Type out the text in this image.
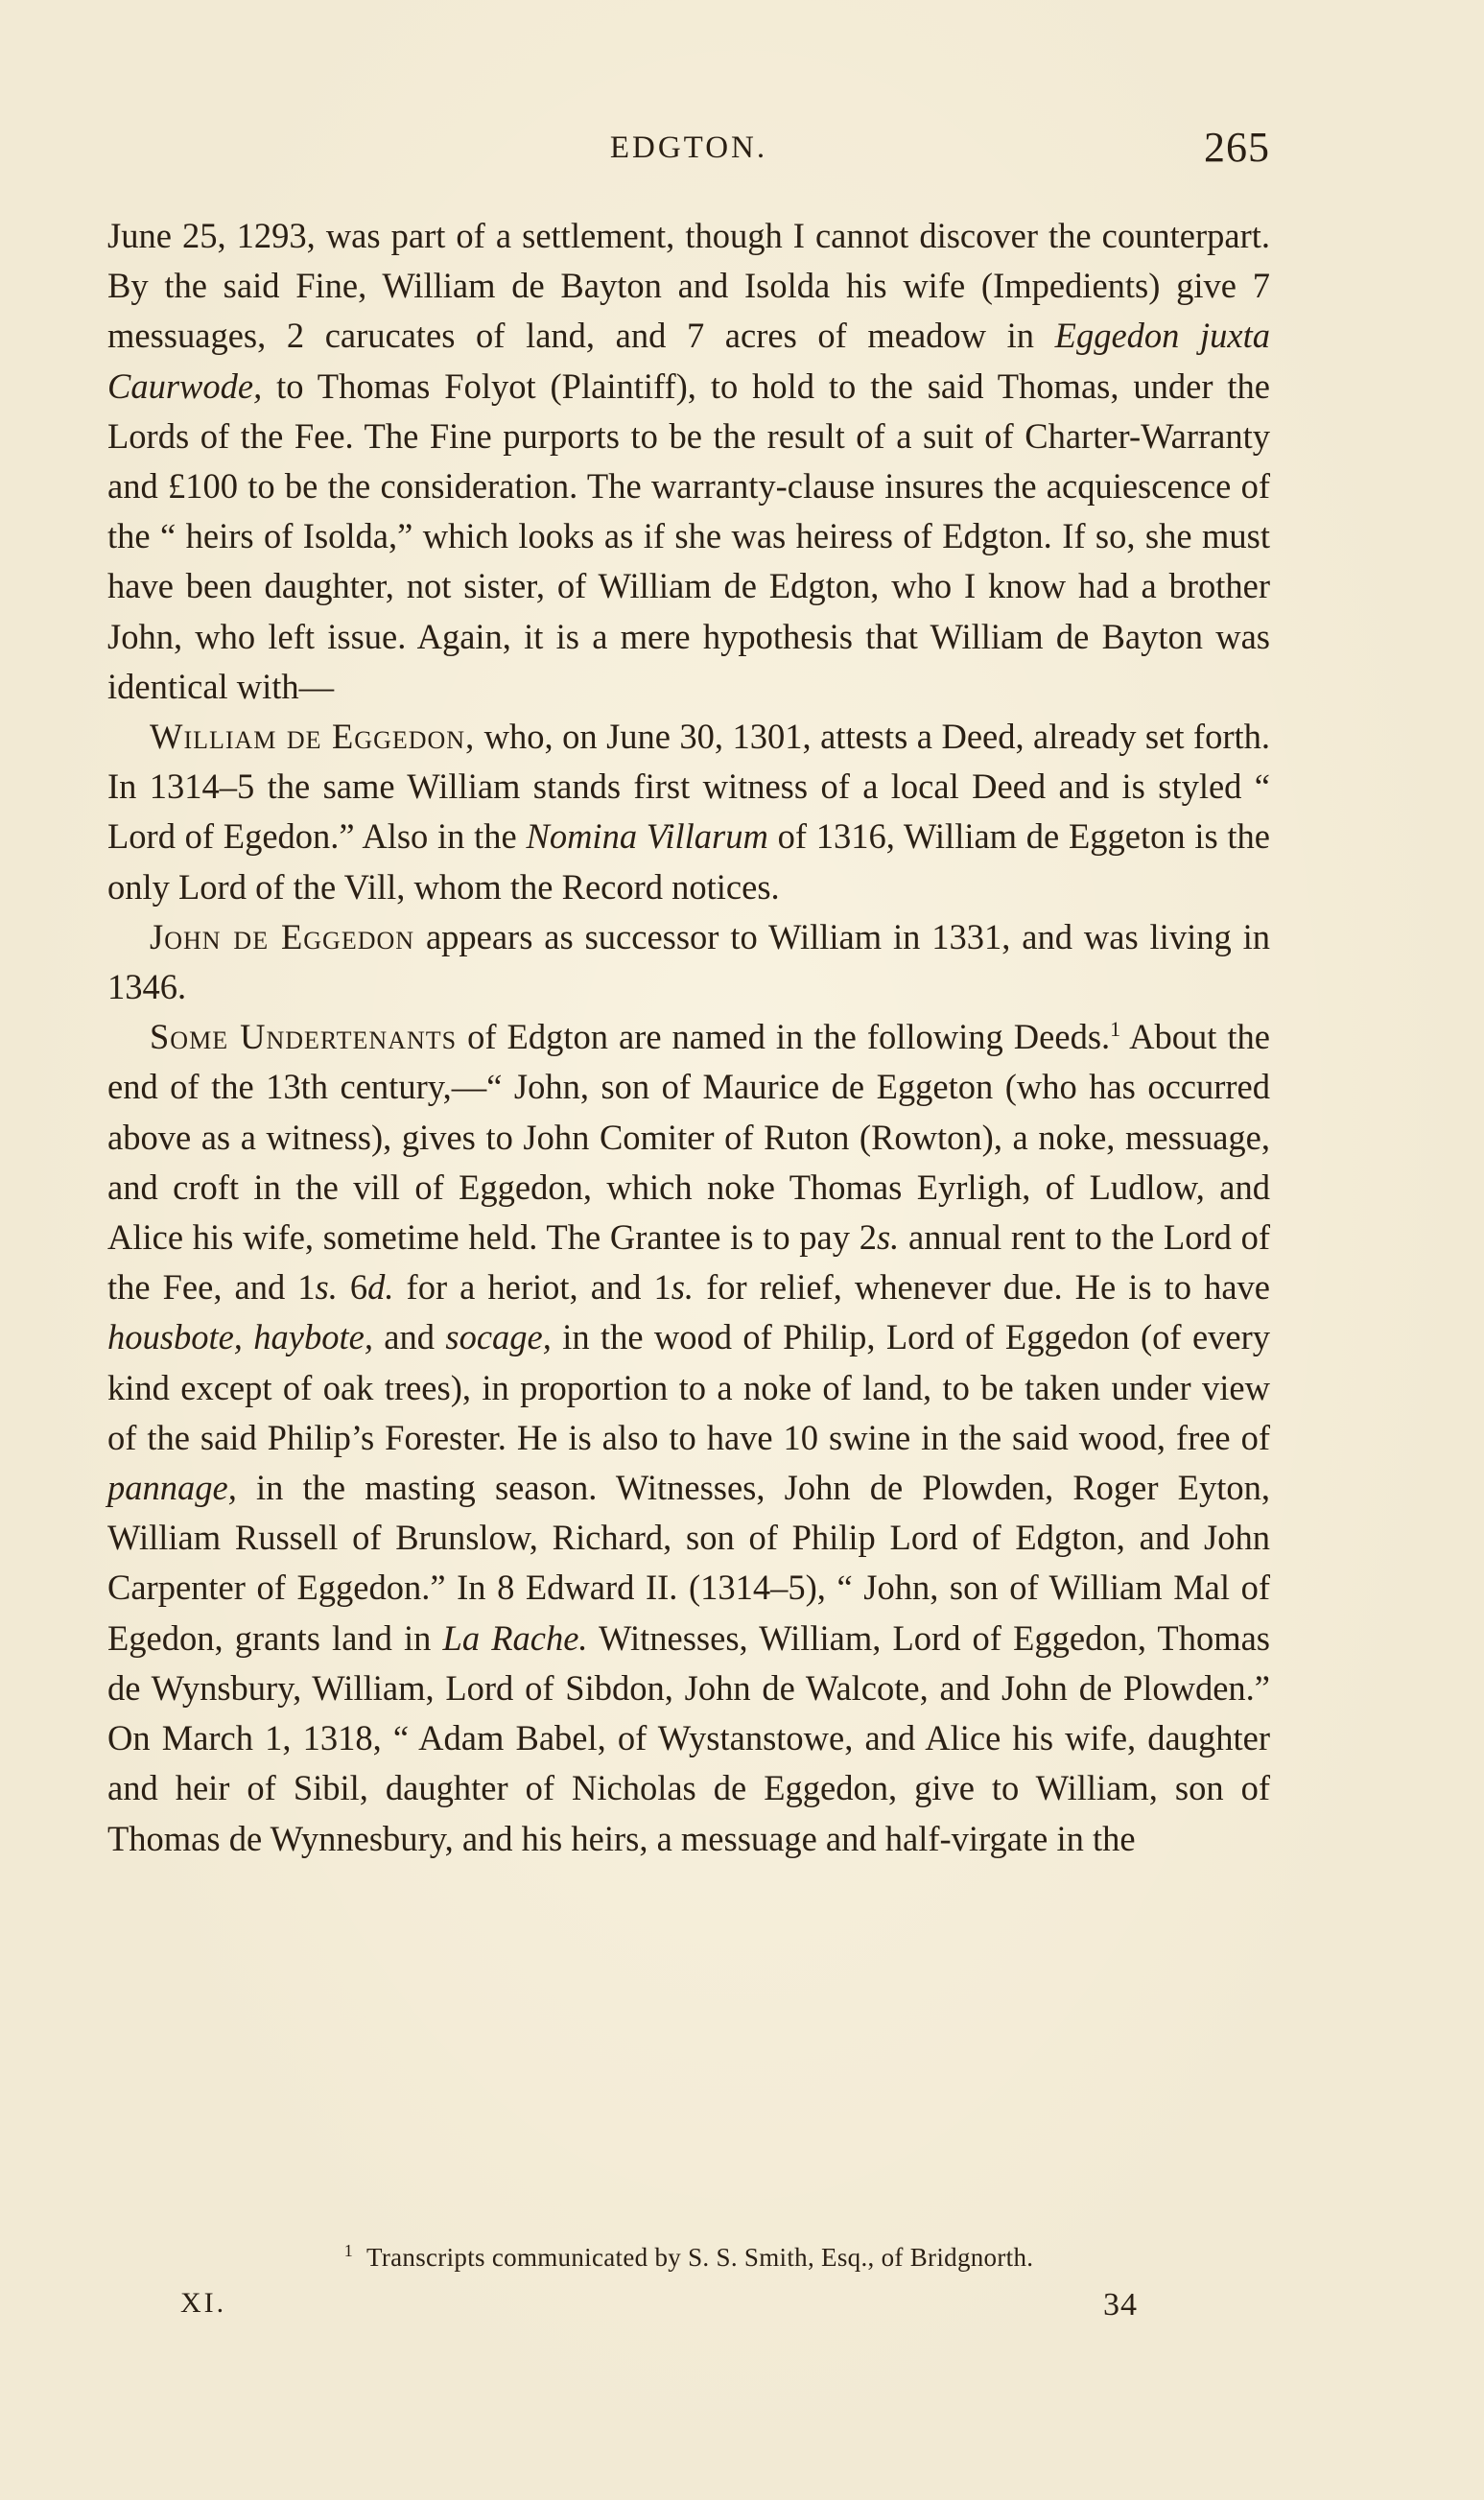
EDGTON.	265

June 25, 1293, was part of a settlement, though I cannot discover the counterpart. By the said Fine, William de Bayton and Isolda his wife (Impedients) give 7 messuages, 2 carucates of land, and 7 acres of meadow in Eggedon juxta Caurwode, to Thomas Folyot (Plaintiff), to hold to the said Thomas, under the Lords of the Fee. The Fine purports to be the result of a suit of Charter-Warranty and £100 to be the consideration. The warranty-clause insures the acquiescence of the “ heirs of Isolda,” which looks as if she was heiress of Edgton. If so, she must have been daughter, not sister, of William de Edgton, who I know had a brother John, who left issue. Again, it is a mere hypothesis that William de Bayton was identical with—

William de Eggedon, who, on June 30, 1301, attests a Deed, already set forth. In 1314–5 the same William stands first witness of a local Deed and is styled “ Lord of Egedon.” Also in the Nomina Villarum of 1316, William de Eggeton is the only Lord of the Vill, whom the Record notices.

John de Eggedon appears as successor to William in 1331, and was living in 1346.

Some Undertenants of Edgton are named in the following Deeds.$^1$ About the end of the 13th century,—“ John, son of Maurice de Eggeton (who has occurred above as a witness), gives to John Comiter of Ruton (Rowton), a noke, messuage, and croft in the vill of Eggedon, which noke Thomas Eyrligh, of Ludlow, and Alice his wife, sometime held. The Grantee is to pay 2s. annual rent to the Lord of the Fee, and 1s. 6d. for a heriot, and 1s. for relief, whenever due. He is to have housbote, haybote, and socage, in the wood of Philip, Lord of Eggedon (of every kind except of oak trees), in proportion to a noke of land, to be taken under view of the said Philip’s Forester. He is also to have 10 swine in the said wood, free of pannage, in the masting season. Witnesses, John de Plowden, Roger Eyton, William Russell of Brunslow, Richard, son of Philip Lord of Edgton, and John Carpenter of Eggedon.” In 8 Edward II. (1314–5), “ John, son of William Mal of Egedon, grants land in La Rache. Witnesses, William, Lord of Eggedon, Thomas de Wynsbury, William, Lord of Sibdon, John de Walcote, and John de Plowden.” On March 1, 1318, “ Adam Babel, of Wystanstowe, and Alice his wife, daughter and heir of Sibil, daughter of Nicholas de Eggedon, give to William, son of Thomas de Wynnesbury, and his heirs, a messuage and half-virgate in the

$^1$ Transcripts communicated by S. S. Smith, Esq., of Bridgnorth.
XI.	34
